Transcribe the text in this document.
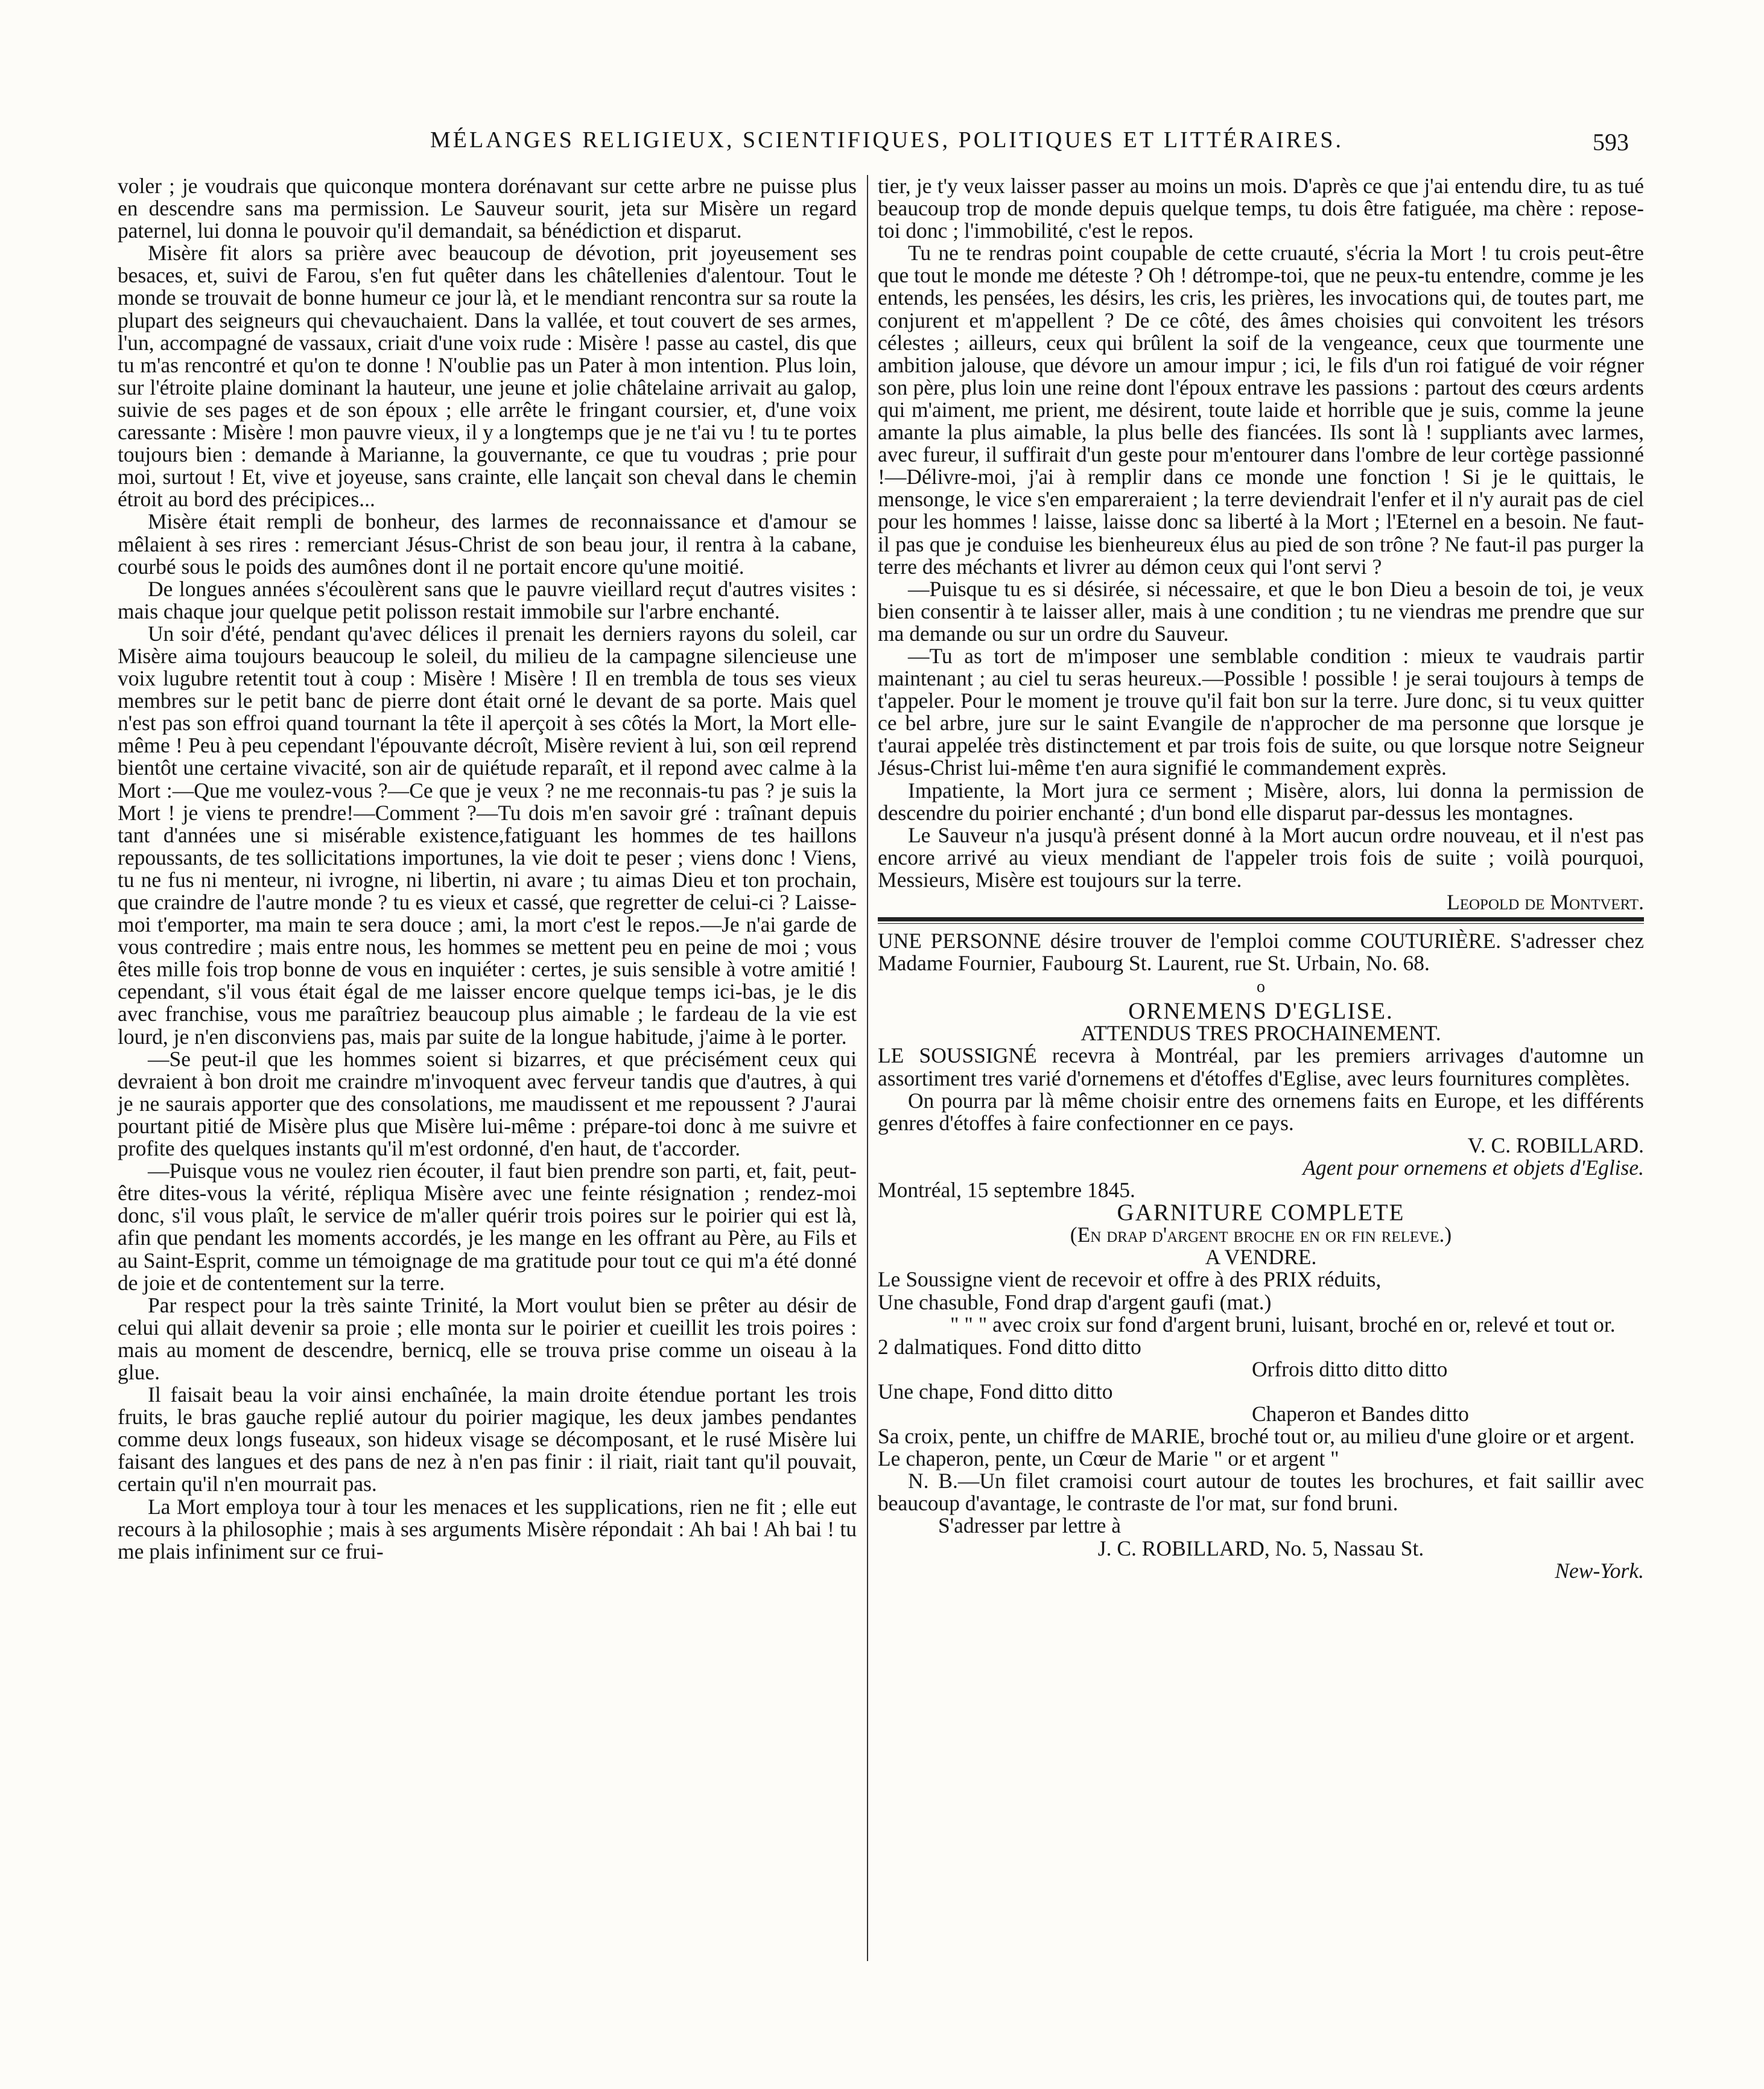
MÉLANGES RELIGIEUX, SCIENTIFIQUES, POLITIQUES ET LITTÉRAIRES.	593

voler ; je voudrais que quiconque montera dorénavant sur cette arbre ne puisse plus en descendre sans ma permission. Le Sauveur sourit, jeta sur Misère un regard paternel, lui donna le pouvoir qu'il demandait, sa bénédiction et disparut.

Misère fit alors sa prière avec beaucoup de dévotion, prit joyeusement ses besaces, et, suivi de Farou, s'en fut quêter dans les châtellenies d'alentour. Tout le monde se trouvait de bonne humeur ce jour là, et le mendiant rencontra sur sa route la plupart des seigneurs qui chevauchaient. Dans la vallée, et tout couvert de ses armes, l'un, accompagné de vassaux, criait d'une voix rude : Misère ! passe au castel, dis que tu m'as rencontré et qu'on te donne ! N'oublie pas un Pater à mon intention. Plus loin, sur l'étroite plaine dominant la hauteur, une jeune et jolie châtelaine arrivait au galop, suivie de ses pages et de son époux ; elle arrête le fringant coursier, et, d'une voix caressante : Misère ! mon pauvre vieux, il y a longtemps que je ne t'ai vu ! tu te portes toujours bien : demande à Marianne, la gouvernante, ce que tu voudras ; prie pour moi, surtout ! Et, vive et joyeuse, sans crainte, elle lançait son cheval dans le chemin étroit au bord des précipices...

Misère était rempli de bonheur, des larmes de reconnaissance et d'amour se mêlaient à ses rires : remerciant Jésus-Christ de son beau jour, il rentra à la cabane, courbé sous le poids des aumônes dont il ne portait encore qu'une moitié.

De longues années s'écoulèrent sans que le pauvre vieillard reçut d'autres visites : mais chaque jour quelque petit polisson restait immobile sur l'arbre enchanté.

Un soir d'été, pendant qu'avec délices il prenait les derniers rayons du soleil, car Misère aima toujours beaucoup le soleil, du milieu de la campagne silencieuse une voix lugubre retentit tout à coup : Misère ! Misère ! Il en trembla de tous ses vieux membres sur le petit banc de pierre dont était orné le devant de sa porte. Mais quel n'est pas son effroi quand tournant la tête il aperçoit à ses côtés la Mort, la Mort elle-même ! Peu à peu cependant l'épouvante décroît, Misère revient à lui, son œil reprend bientôt une certaine vivacité, son air de quiétude reparaît, et il repond avec calme à la Mort :—Que me voulez-vous ?—Ce que je veux ? ne me reconnais-tu pas ? je suis la Mort ! je viens te prendre!—Comment ?—Tu dois m'en savoir gré : traînant depuis tant d'années une si misérable existence,fatiguant les hommes de tes haillons repoussants, de tes sollicitations importunes, la vie doit te peser ; viens donc ! Viens, tu ne fus ni menteur, ni ivrogne, ni libertin, ni avare ; tu aimas Dieu et ton prochain, que craindre de l'autre monde ? tu es vieux et cassé, que regretter de celui-ci ? Laisse-moi t'emporter, ma main te sera douce ; ami, la mort c'est le repos.—Je n'ai garde de vous contredire ; mais entre nous, les hommes se mettent peu en peine de moi ; vous êtes mille fois trop bonne de vous en inquiéter : certes, je suis sensible à votre amitié ! cependant, s'il vous était égal de me laisser encore quelque temps ici-bas, je le dis avec franchise, vous me paraîtriez beaucoup plus aimable ; le fardeau de la vie est lourd, je n'en disconviens pas, mais par suite de la longue habitude, j'aime à le porter.

—Se peut-il que les hommes soient si bizarres, et que précisément ceux qui devraient à bon droit me craindre m'invoquent avec ferveur tandis que d'autres, à qui je ne saurais apporter que des consolations, me maudissent et me repoussent ? J'aurai pourtant pitié de Misère plus que Misère lui-même : prépare-toi donc à me suivre et profite des quelques instants qu'il m'est ordonné, d'en haut, de t'accorder.

—Puisque vous ne voulez rien écouter, il faut bien prendre son parti, et, fait, peut-être dites-vous la vérité, répliqua Misère avec une feinte résignation ; rendez-moi donc, s'il vous plaît, le service de m'aller quérir trois poires sur le poirier qui est là, afin que pendant les moments accordés, je les mange en les offrant au Père, au Fils et au Saint-Esprit, comme un témoignage de ma gratitude pour tout ce qui m'a été donné de joie et de contentement sur la terre.

Par respect pour la très sainte Trinité, la Mort voulut bien se prêter au désir de celui qui allait devenir sa proie ; elle monta sur le poirier et cueillit les trois poires : mais au moment de descendre, bernicq, elle se trouva prise comme un oiseau à la glue.

Il faisait beau la voir ainsi enchaînée, la main droite étendue portant les trois fruits, le bras gauche replié autour du poirier magique, les deux jambes pendantes comme deux longs fuseaux, son hideux visage se décomposant, et le rusé Misère lui faisant des langues et des pans de nez à n'en pas finir : il riait, riait tant qu'il pouvait, certain qu'il n'en mourrait pas.

La Mort employa tour à tour les menaces et les supplications, rien ne fit ; elle eut recours à la philosophie ; mais à ses arguments Misère répondait : Ah bai ! Ah bai ! tu me plais infiniment sur ce frui-

tier, je t'y veux laisser passer au moins un mois. D'après ce que j'ai entendu dire, tu as tué beaucoup trop de monde depuis quelque temps, tu dois être fatiguée, ma chère : repose-toi donc ; l'immobilité, c'est le repos.

Tu ne te rendras point coupable de cette cruauté, s'écria la Mort ! tu crois peut-être que tout le monde me déteste ? Oh ! détrompe-toi, que ne peux-tu entendre, comme je les entends, les pensées, les désirs, les cris, les prières, les invocations qui, de toutes part, me conjurent et m'appellent ? De ce côté, des âmes choisies qui convoitent les trésors célestes ; ailleurs, ceux qui brûlent la soif de la vengeance, ceux que tourmente une ambition jalouse, que dévore un amour impur ; ici, le fils d'un roi fatigué de voir régner son père, plus loin une reine dont l'époux entrave les passions : partout des cœurs ardents qui m'aiment, me prient, me désirent, toute laide et horrible que je suis, comme la jeune amante la plus aimable, la plus belle des fiancées. Ils sont là ! suppliants avec larmes, avec fureur, il suffirait d'un geste pour m'entourer dans l'ombre de leur cortège passionné !—Délivre-moi, j'ai à remplir dans ce monde une fonction ! Si je le quittais, le mensonge, le vice s'en empareraient ; la terre deviendrait l'enfer et il n'y aurait pas de ciel pour les hommes ! laisse, laisse donc sa liberté à la Mort ; l'Eternel en a besoin. Ne faut-il pas que je conduise les bienheureux élus au pied de son trône ? Ne faut-il pas purger la terre des méchants et livrer au démon ceux qui l'ont servi ?

—Puisque tu es si désirée, si nécessaire, et que le bon Dieu a besoin de toi, je veux bien consentir à te laisser aller, mais à une condition ; tu ne viendras me prendre que sur ma demande ou sur un ordre du Sauveur.

—Tu as tort de m'imposer une semblable condition : mieux te vaudrais partir maintenant ; au ciel tu seras heureux.—Possible ! possible ! je serai toujours à temps de t'appeler. Pour le moment je trouve qu'il fait bon sur la terre. Jure donc, si tu veux quitter ce bel arbre, jure sur le saint Evangile de n'approcher de ma personne que lorsque je t'aurai appelée très distinctement et par trois fois de suite, ou que lorsque notre Seigneur Jésus-Christ lui-même t'en aura signifié le commandement exprès.

Impatiente, la Mort jura ce serment ; Misère, alors, lui donna la permission de descendre du poirier enchanté ; d'un bond elle disparut par-dessus les montagnes.

Le Sauveur n'a jusqu'à présent donné à la Mort aucun ordre nouveau, et il n'est pas encore arrivé au vieux mendiant de l'appeler trois fois de suite ; voilà pourquoi, Messieurs, Misère est toujours sur la terre.

Leopold de Montvert.

UNE PERSONNE désire trouver de l'emploi comme COUTURIÈRE. S'adresser chez Madame Fournier, Faubourg St. Laurent, rue St. Urbain, No. 68.

o

ORNEMENS D'EGLISE.

ATTENDUS TRES PROCHAINEMENT.

LE SOUSSIGNÉ recevra à Montréal, par les premiers arrivages d'automne un assortiment tres varié d'ornemens et d'étoffes d'Eglise, avec leurs fournitures complètes.

On pourra par là même choisir entre des ornemens faits en Europe, et les différents genres d'étoffes à faire confectionner en ce pays.

V. C. ROBILLARD.

Agent pour ornemens et objets d'Eglise.

Montréal, 15 septembre 1845.

GARNITURE COMPLETE

(En drap d'argent broche en or fin releve.)

A VENDRE.

Le Soussigne vient de recevoir et offre à des PRIX réduits,

Une chasuble, Fond drap d'argent gaufi (mat.)

" " " avec croix sur fond d'argent bruni, luisant, broché en or, relevé et tout or.

2 dalmatiques. Fond ditto ditto

Orfrois ditto ditto ditto

Une chape, Fond ditto ditto

Chaperon et Bandes ditto

Sa croix, pente, un chiffre de MARIE, broché tout or, au milieu d'une gloire or et argent.

Le chaperon, pente, un Cœur de Marie " or et argent "

N. B.—Un filet cramoisi court autour de toutes les brochures, et fait saillir avec beaucoup d'avantage, le contraste de l'or mat, sur fond bruni.

S'adresser par lettre à

J. C. ROBILLARD, No. 5, Nassau St.

New-York.
